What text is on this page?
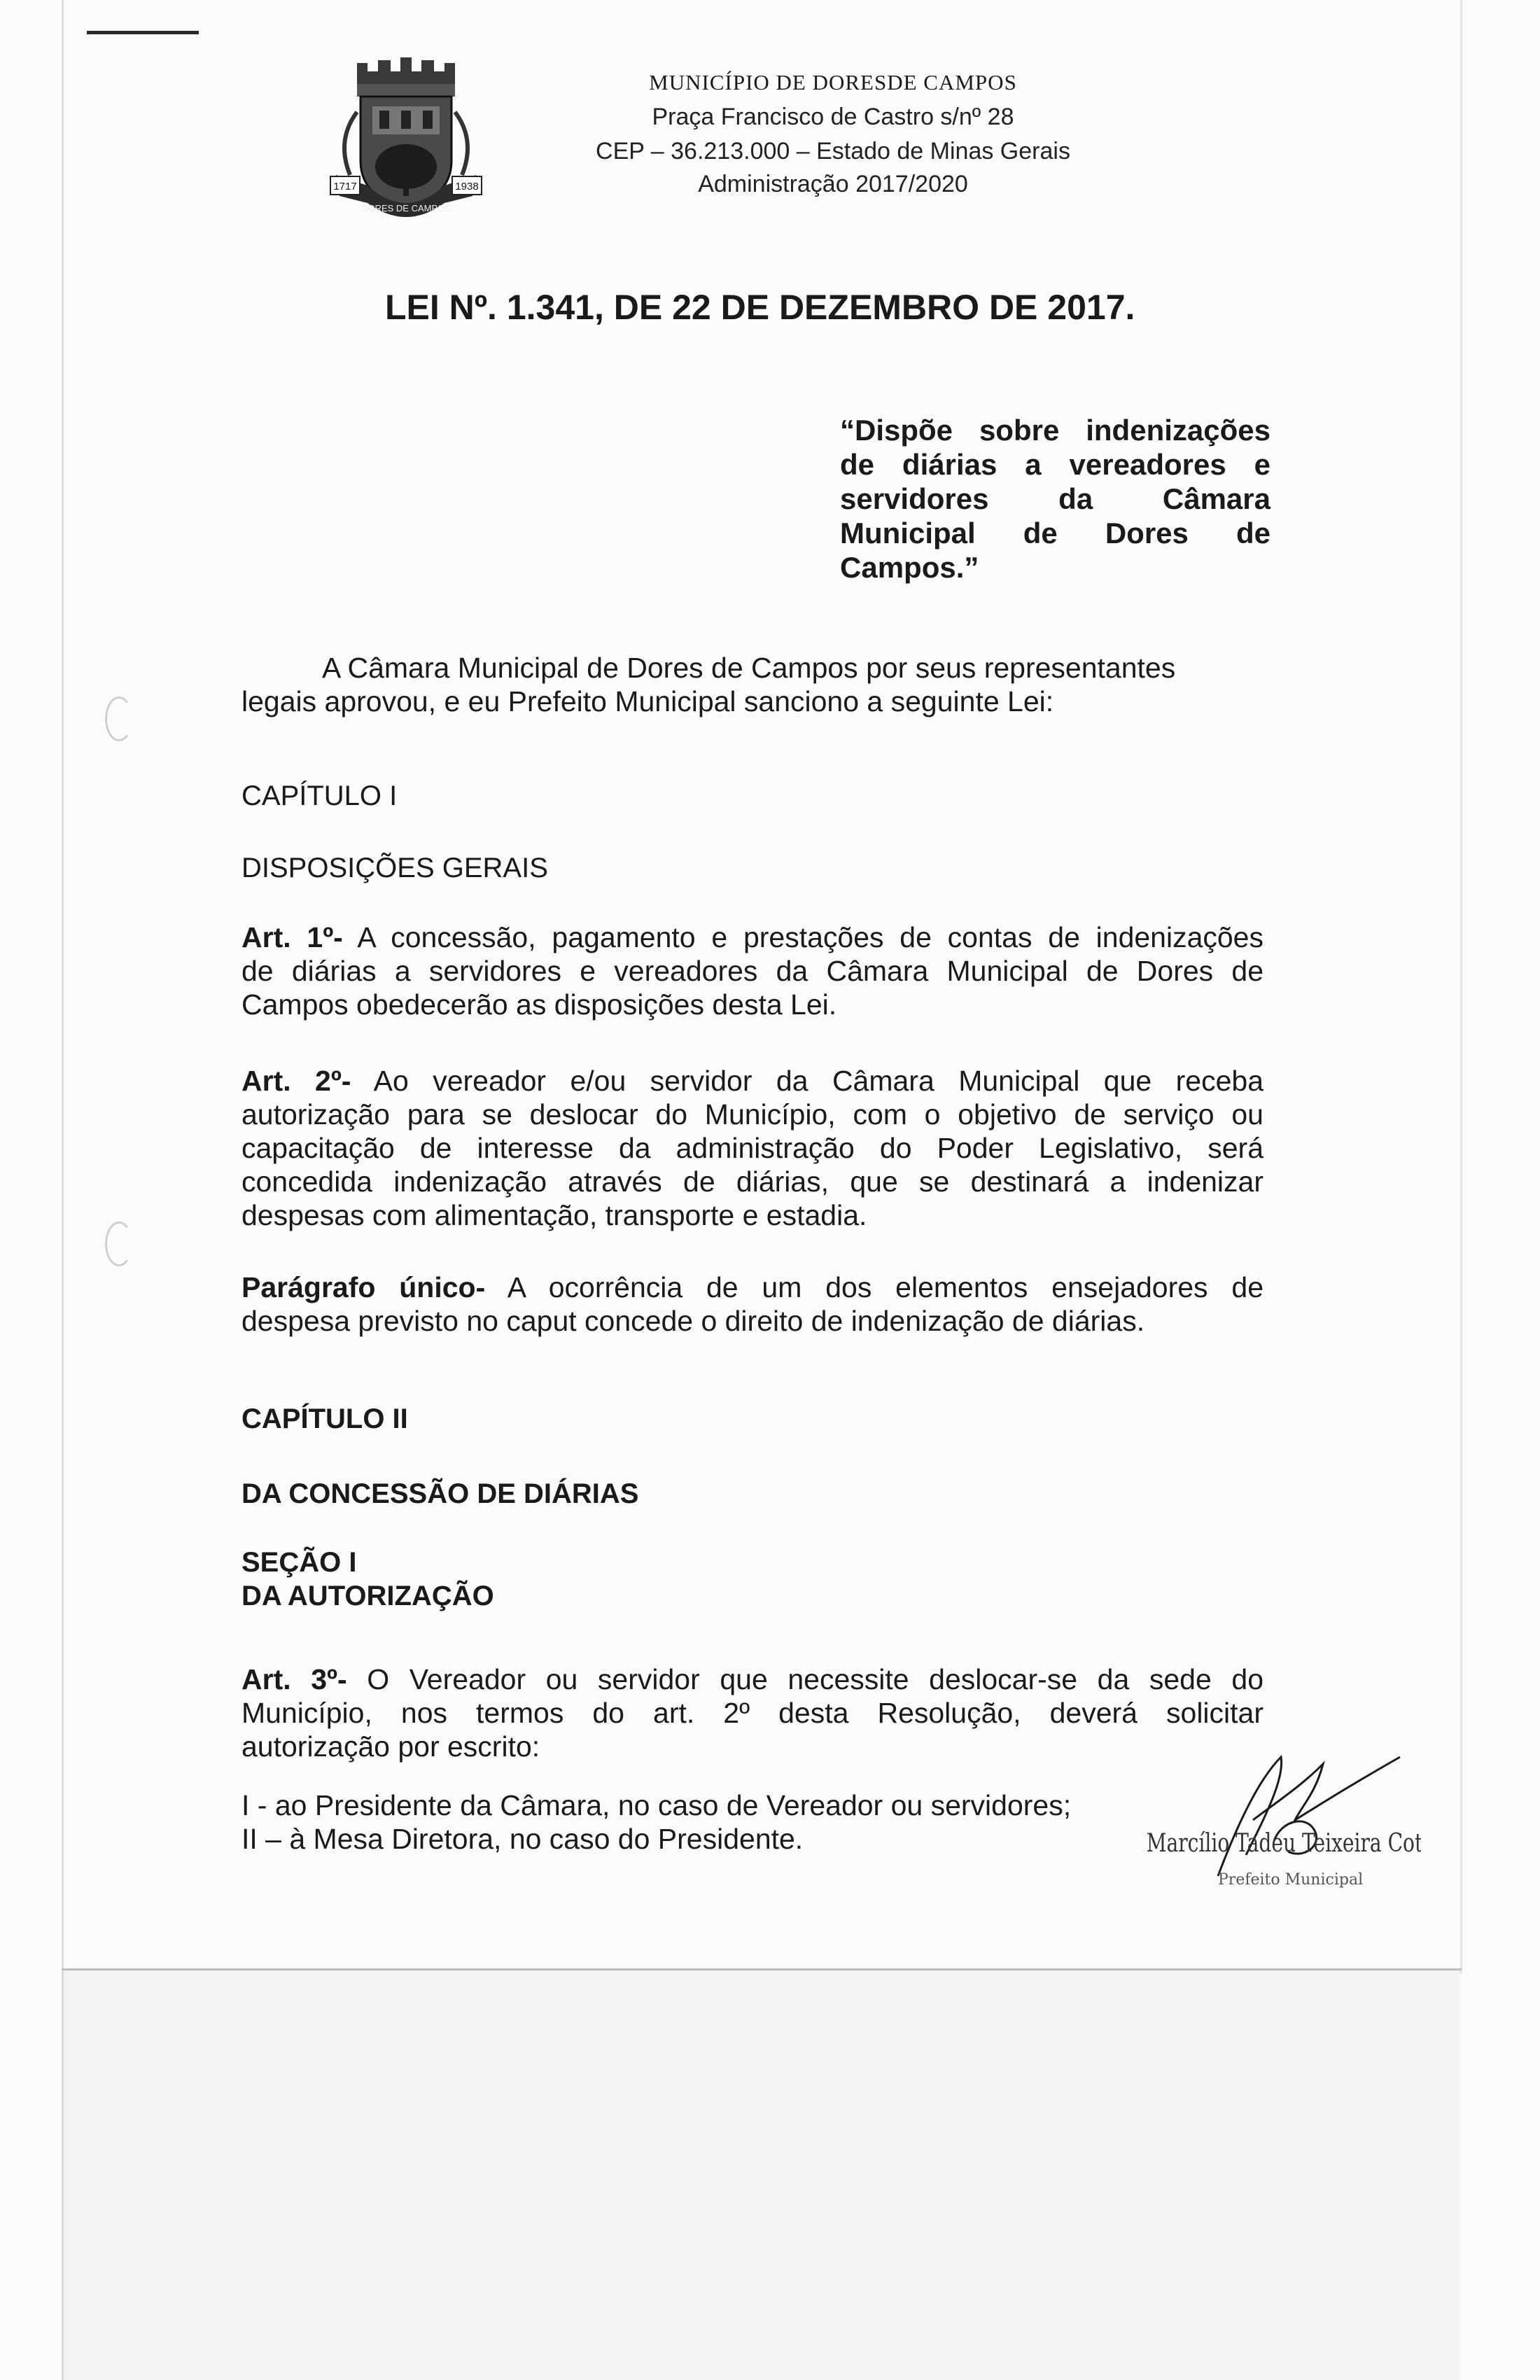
1717	1938
DORES DE CAMPOS
MUNICÍPIO DE DORESDE CAMPOS
Praça Francisco de Castro s/nº 28
CEP – 36.213.000 – Estado de Minas Gerais
Administração 2017/2020
LEI Nº. 1.341, DE 22 DE DEZEMBRO DE 2017.
“Dispõe sobre indenizações
de diárias a vereadores e
servidores da Câmara
Municipal de Dores de
Campos.”
A Câmara Municipal de Dores de Campos por seus representantes
legais aprovou, e eu Prefeito Municipal sanciono a seguinte Lei:
CAPÍTULO I
DISPOSIÇÕES GERAIS
Art. 1º- A concessão, pagamento e prestações de contas de indenizações
de diárias a servidores e vereadores da Câmara Municipal de Dores de
Campos obedecerão as disposições desta Lei.
Art. 2º- Ao vereador e/ou servidor da Câmara Municipal que receba
autorização para se deslocar do Município, com o objetivo de serviço ou
capacitação de interesse da administração do Poder Legislativo, será
concedida indenização através de diárias, que se destinará a indenizar
despesas com alimentação, transporte e estadia.
Parágrafo único- A ocorrência de um dos elementos ensejadores de
despesa previsto no caput concede o direito de indenização de diárias.
CAPÍTULO II
DA CONCESSÃO DE DIÁRIAS
SEÇÃO I
DA AUTORIZAÇÃO
Art. 3º- O Vereador ou servidor que necessite deslocar-se da sede do
Município, nos termos do art. 2º desta Resolução, deverá solicitar
autorização por escrito:
I - ao Presidente da Câmara, no caso de Vereador ou servidores;
II – à Mesa Diretora, no caso do Presidente.	Marcílio Tadeu Teixeira Cotta
Prefeito Municipal
